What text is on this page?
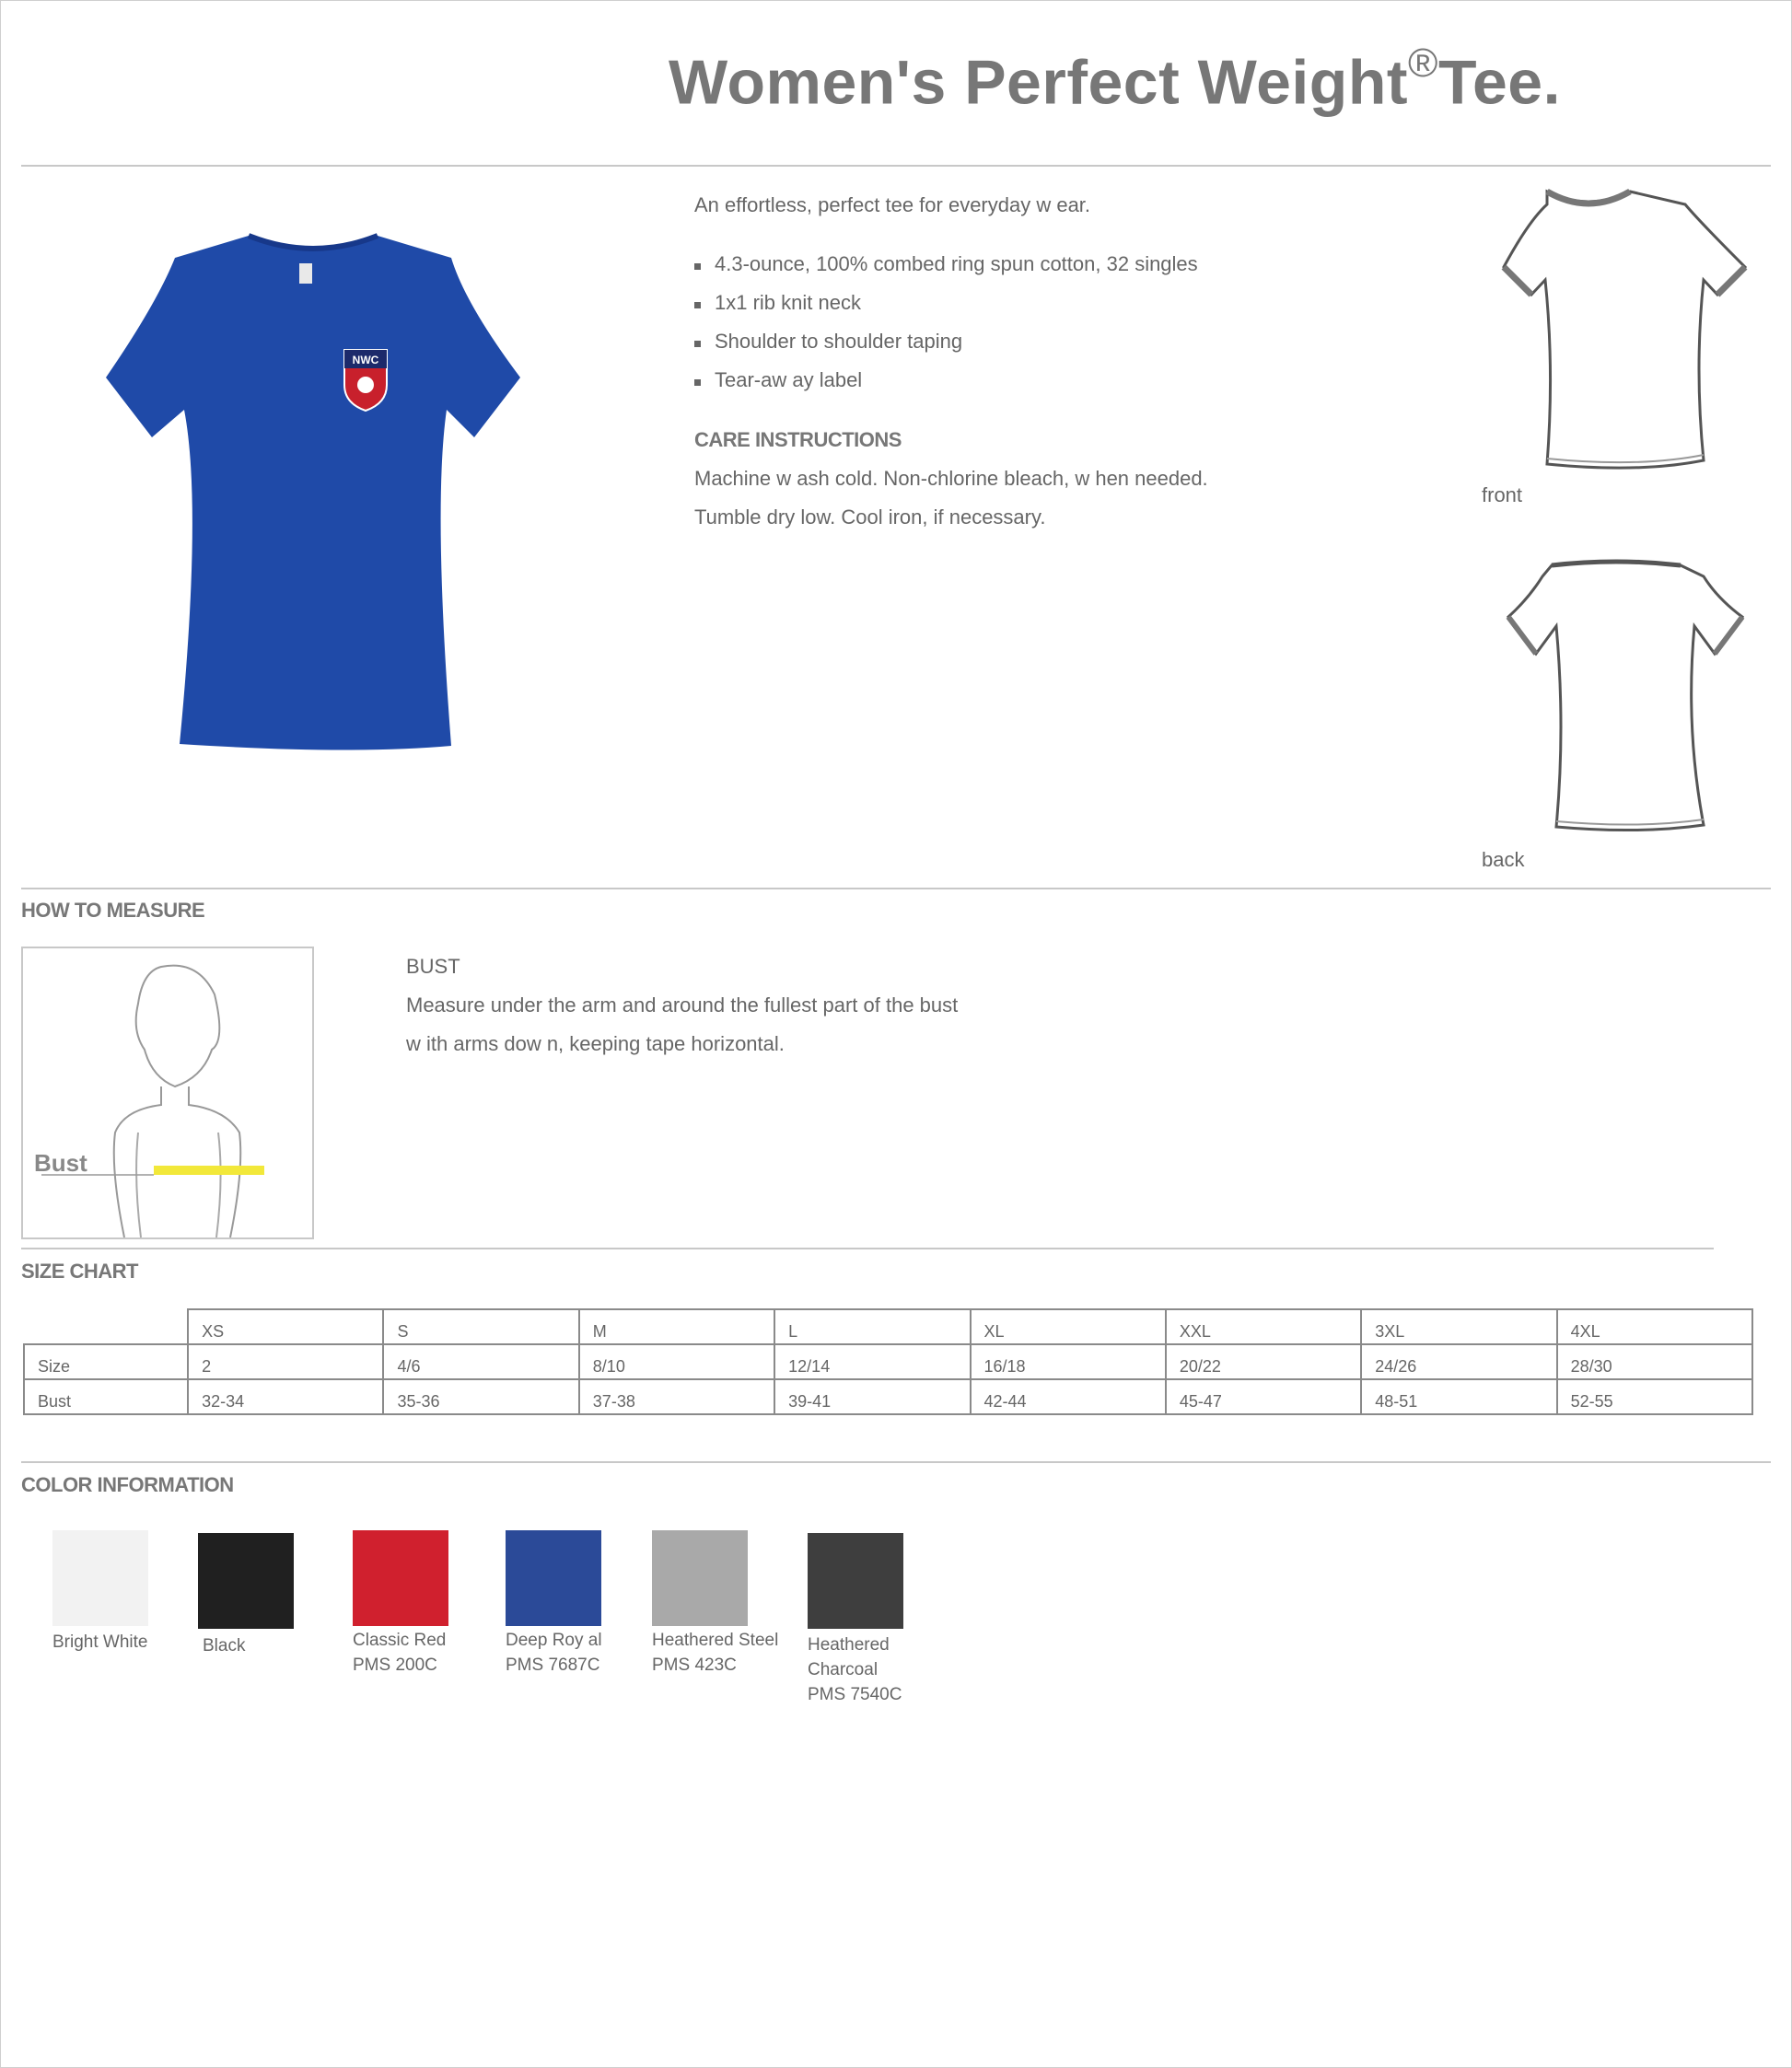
Women's Perfect Weight®Tee.
NWC
An effortless, perfect tee for everyday w ear.
4.3-ounce, 100% combed ring spun cotton, 32 singles
1x1 rib knit neck
Shoulder to shoulder taping
Tear-aw ay label
CARE INSTRUCTIONS
Machine w ash cold. Non-chlorine bleach, w hen needed.
Tumble dry low. Cool iron, if necessary.
front
back
HOW TO MEASURE
Bust
BUST
Measure under the arm and around the fullest part of the bust
w ith arms dow n, keeping tape horizontal.
SIZE CHART
	XS	S	M	L	XL	XXL	3XL	4XL
Size	2	4/6	8/10	12/14	16/18	20/22	24/26	28/30
Bust	32-34	35-36	37-38	39-41	42-44	45-47	48-51	52-55
COLOR INFORMATION
Bright White	Black	Classic Red
PMS 200C
Deep Roy al
PMS 7687C
Heathered Steel
PMS 423C
Heathered
Charcoal
PMS 7540C
